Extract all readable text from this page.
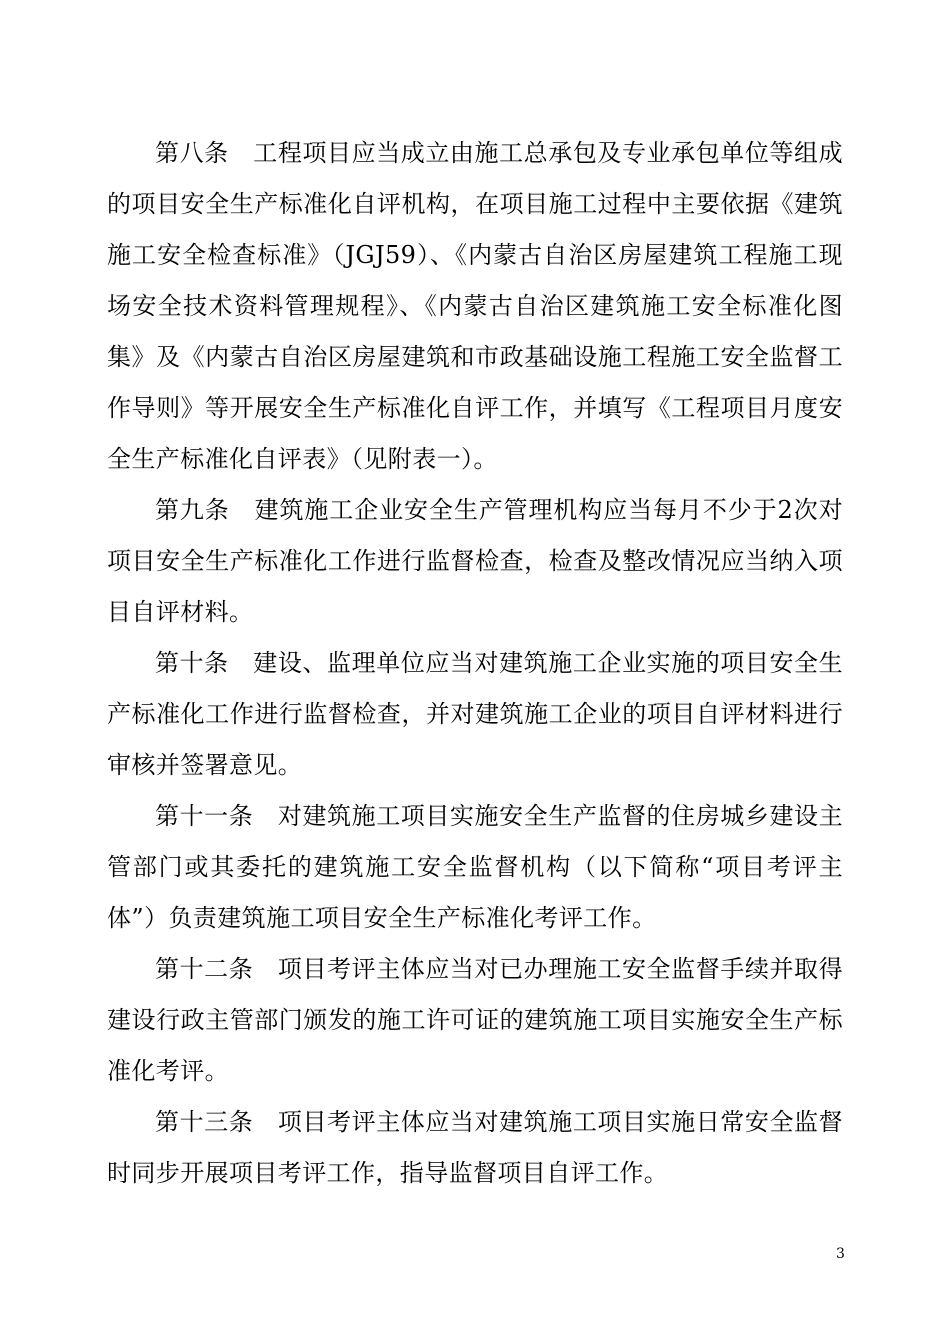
第八条　工程项目应当成立由施工总承包及专业承包单位等组成的项目安全生产标准化自评机构，在项目施工过程中主要依据《建筑施工安全检查标准》（JGJ59）、《内蒙古自治区房屋建筑工程施工现场安全技术资料管理规程》、《内蒙古自治区建筑施工安全标准化图集》及《内蒙古自治区房屋建筑和市政基础设施工程施工安全监督工作导则》等开展安全生产标准化自评工作，并填写《工程项目月度安全生产标准化自评表》（见附表一）。

第九条　建筑施工企业安全生产管理机构应当每月不少于2次对项目安全生产标准化工作进行监督检查，检查及整改情况应当纳入项目自评材料。

第十条　建设、监理单位应当对建筑施工企业实施的项目安全生产标准化工作进行监督检查，并对建筑施工企业的项目自评材料进行审核并签署意见。

第十一条　对建筑施工项目实施安全生产监督的住房城乡建设主管部门或其委托的建筑施工安全监督机构（以下简称“项目考评主体”）负责建筑施工项目安全生产标准化考评工作。

第十二条　项目考评主体应当对已办理施工安全监督手续并取得建设行政主管部门颁发的施工许可证的建筑施工项目实施安全生产标准化考评。

第十三条　项目考评主体应当对建筑施工项目实施日常安全监督时同步开展项目考评工作，指导监督项目自评工作。

3
